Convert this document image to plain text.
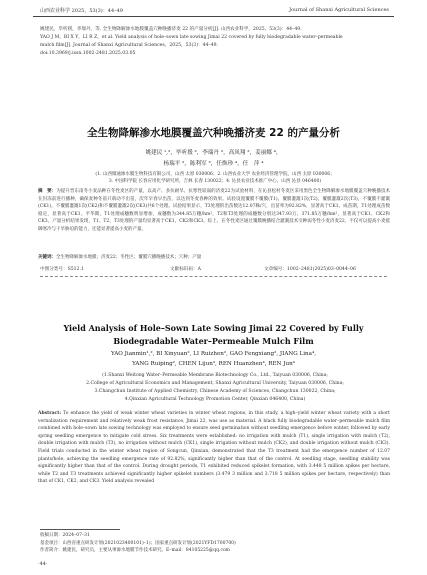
山西农业科学 2025，53(3)：44–49	Journal of Shanxi Agricultural Sciences
姚建民，毕听援，李瑞丹，等. 全生物降解渗水地膜覆盖穴种晚播济麦 22 的产量分析[J]. 山西农业科学，2025，53(3)：44–49.
YAO J M，BI X Y，LI R Z，et al. Yield analysis of hole–sown late sowing Jimai 22 covered by fully biodegradable water–permeable
mulch film[J]. Journal of Shanxi Agricultural Sciences，2025，53(3)：44–49.
doi:10.3969/j.issn.1002-2481.2025.03.05
全生物降解渗水地膜覆盖穴种晚播济麦 22 的产量分析
姚建民 ¹,²，毕听援 ²，李瑞丹 ²，高凤翔 ²，姜丽娜 ⁴，
杨瑞平 ²，陈利军 ³，任焕珍 ⁴，任　萍 ⁴
(1. 山西微通渗水膜生物科技有限公司，山西 太原 030006；2. 山西农业大学 农业经济管理学院，山西 太原 030006；
3. 中国科学院 长春应用化学研究所，吉林 长春 130022；4. 沁县农业技术推广中心，山西 沁县 046400)
摘　要：为提升晋东南冬小麦品种在冬性麦区的产量，以高产、多抗耐旱、抗寒性较弱的济麦22为试验材料，在沁县松村冬麦区采用黑色全生物降解渗水地膜覆盖穴种晚播技术在封冻前进行播种，确保麦种冬前只萌动不出苗，次年早春早出苗，以达到冬麦春种的效果。试验设置覆膜不覆膜(T1)、覆膜灌溉1次(T2)、覆膜灌溉2次(T3)，不覆膜不灌溉(CK1)，不覆膜灌溉1次(CK2)和不覆膜灌溉2次(CK3)共6个处理。试验结果显示，T3处理的出苗数达12.07株/穴，出苗率为92.82%，显著高于CK1。成苗期，T1处理成苗数稳定，显著高于CK1。平华期，T1处理成穗数明显增加，成穗数为344.85万穗/hm²，T2和T3处理的成穗数分别达347.93万、371.85万穗/hm²，显著高于CK1、CK2和CK3。产量分析结果发现，T1、T2、T3处理的产量均显著高于CK1、CK2和CK3。综上，在冬性麦区通过覆膜晚播结合灌溉技术引种弱冬性小麦济麦22，不仅可以提高小麦抵御寒冷与干旱胁迫的能力，还能显著提高小麦的产量。
关键词：全生物降解渗水地膜；济麦22；冬性区；覆膜穴播晚播技术；穴种；产量
中图分类号：S512.1	文献标识码：A	文章编号：1002–2481(2025)03–0044–06
Yield Analysis of Hole–Sown Late Sowing Jimai 22 Covered by Fully
Biodegradable Water–Permeable Mulch Film
YAO Jianmin¹,², BI Xinyuan², LI Ruizhen², GAO Fengxiang², JIANG Lina⁴,
YANG Ruiping², CHEN Lijun³, REN Huanzhen⁴, REN Jun⁴
(1.Shanxi Weitong Water–Permeable Membrane Biotechnology Co., Ltd., Taiyuan 030006, China;
2.College of Agricultural Economics and Management, Shanxi Agricultural University, Taiyuan 030006, China;
3.Changchun Institute of Applied Chemistry, Chinese Academy of Sciences, Changchun 130022, China;
4.Qinxian Agricultural Technology Promotion Center, Qinxian 046400, China)
Abstract: To enhance the yield of weak winter wheat varieties in winter wheat regions, in this study, a high–yield winter wheat variety with a short vernalization requirement and relatively weak frost resistance, Jimai 22, was use as material. A black fully biodegradable water–permeable mulch film combined with hole–sown late sowing technology was employed to ensure seed germination without seedling emergence before winter, followed by early spring seedling emergence to mitigate cold stress. Six treatments were established: no irrigation with mulch (T1), single irrigation with mulch (T2), double irrigation with mulch (T3), no irrigation without mulch (CK1), single irrigation without mulch (CK2), and double irrigation without mulch (CK3). Field trials conducted in the winter wheat region of Songcun, Qinxian, demonstrated that the T3 treatment had the emergence number of 12.07 plants/hole, achieving the seedling emergence rate of 92.82%, significantly higher than that of the control. At seedling stage, seedling stability was significantly higher than that of the control. During drought periods, T1 exhibited reduced spikelet formation, with 3.448 5 million spikes per hectare, while T2 and T3 treatments achieved significantly higher spikelet numbers (3.479 3 million and 3.718 5 million spikes per hectare, respectively) than that of CK1, CK2, and CK3. Yield analysis revealed
收稿日期：2024–07–31
基金项目：山西省重点研发计划(2021023400101)–1)；国家重点研发计划(2021YFD1700700)
作者简介：姚建民，研究员，主要从事渗水地膜节作技术研究。E–mail：84105225@qq.com
·44·
